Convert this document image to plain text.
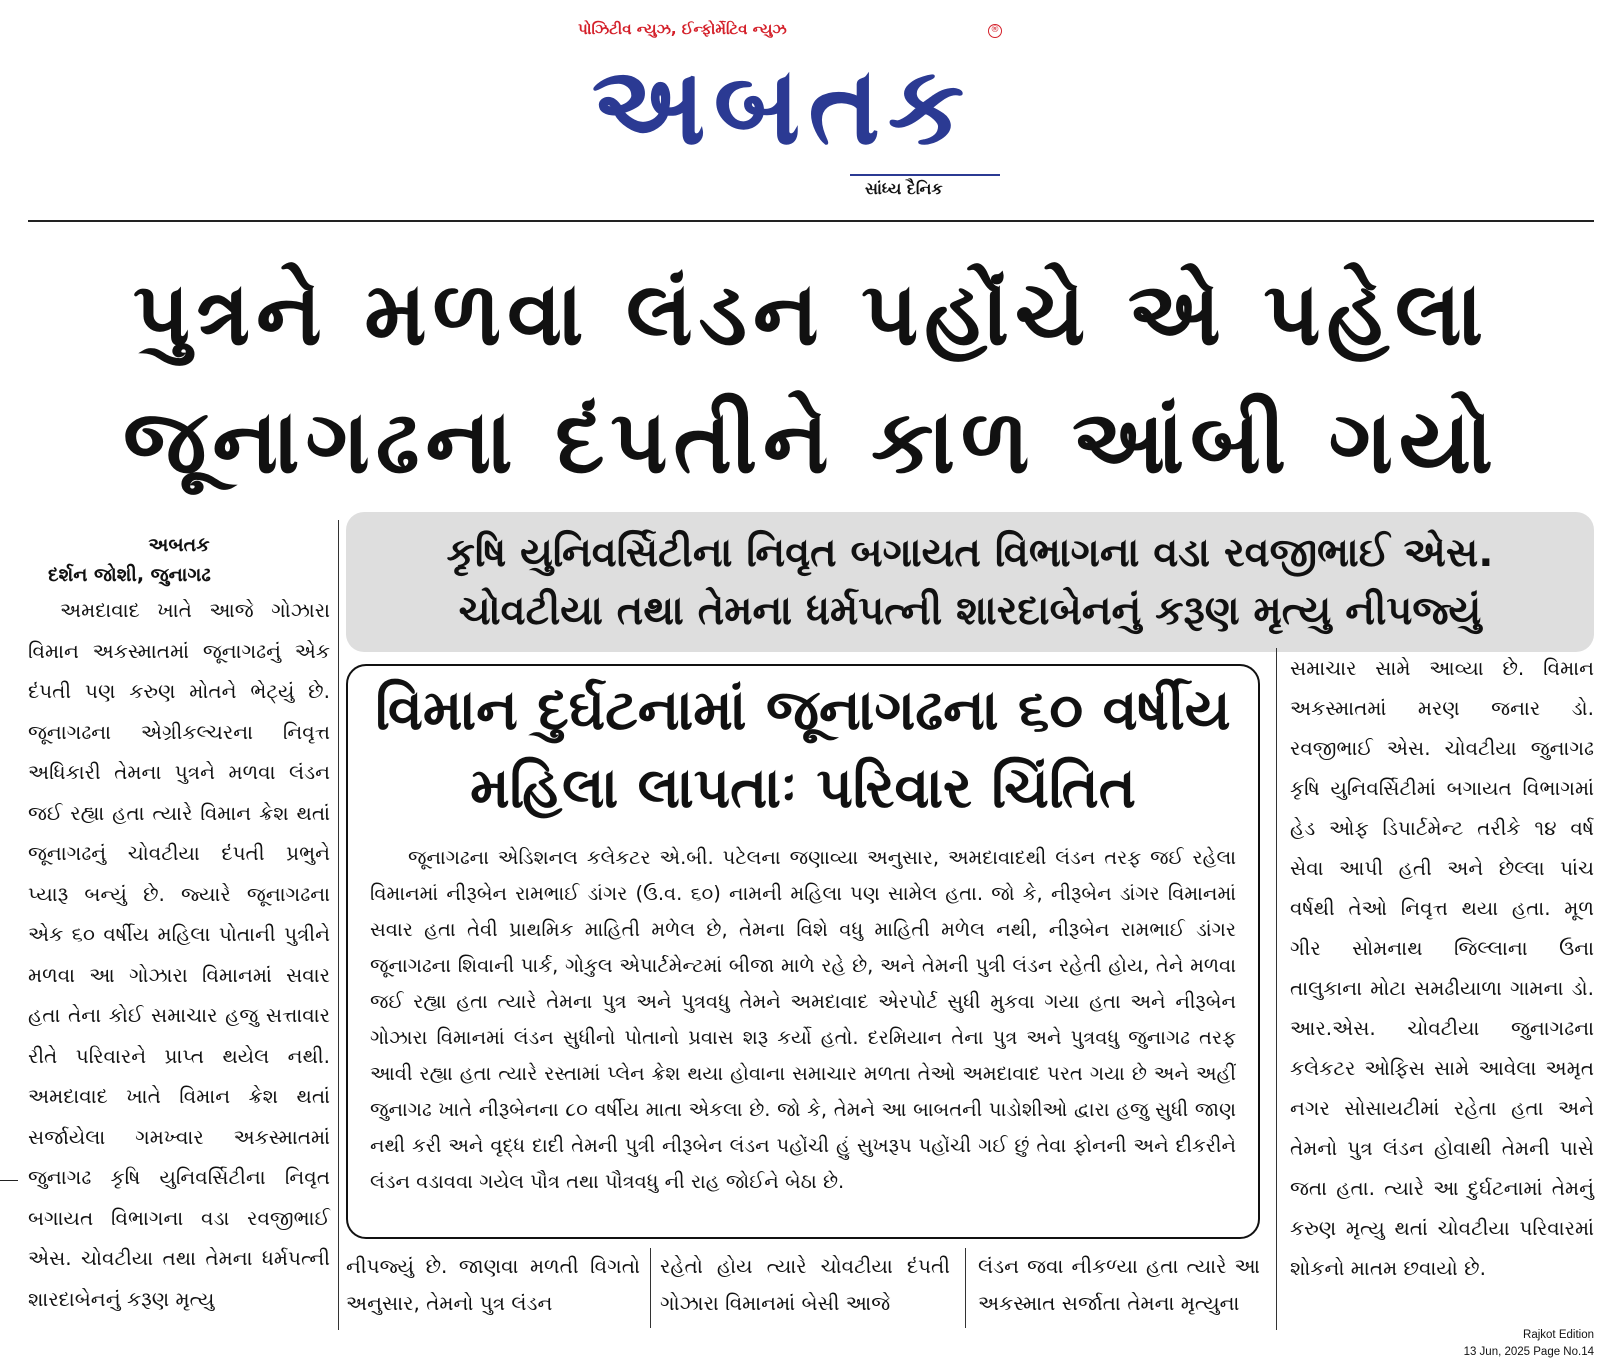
પોઝિટીવ ન્યુઝ, ઈન્ફોર્મેટિવ ન્યુઝ	®
અબતક
સાંધ્ય દૈનિક
પુત્રને મળવા લંડન પહોંચે એ પહેલા
જૂનાગઢના દંપતીને કાળ આંબી ગયો
કૃષિ યુનિવર્સિટીના નિવૃત બગાયત વિભાગના વડા રવજીભાઈ એસ.
ચોવટીયા તથા તેમના ધર્મપત્ની શારદાબેનનું કરૂણ મૃત્યુ નીપજ્યું
અબતક
દર્શન જોશી, જુનાગઢ

અમદાવાદ ખાતે આજે ગોઝારા વિમાન અકસ્માતમાં જૂનાગઢનું એક દંપતી પણ કરુણ મોતને ભેટ્યું છે. જૂનાગઢના એગ્રીકલ્ચરના નિવૃત્ત અધિકારી તેમના પુત્રને મળવા લંડન જઈ રહ્યા હતા ત્યારે વિમાન ક્રેશ થતાં જૂનાગઢનું ચોવટીયા દંપતી પ્રભુને પ્યારૂ બન્યું છે. જ્યારે જૂનાગઢના એક ૬૦ વર્ષીય મહિલા પોતાની પુત્રીને મળવા આ ગોઝારા વિમાનમાં સવાર હતા તેના કોઈ સમાચાર હજુ સત્તાવાર રીતે પરિવારને પ્રાપ્ત થયેલ નથી. અમદાવાદ ખાતે વિમાન ક્રેશ થતાં સર્જાયેલા ગમખ્વાર અકસ્માતમાં જુનાગઢ કૃષિ યુનિવર્સિટીના નિવૃત બગાયત વિભાગના વડા રવજીભાઈ એસ. ચોવટીયા તથા તેમના ધર્મપત્ની શારદાબેનનું કરૂણ મૃત્યુ

વિમાન દુર્ઘટનામાં જૂનાગઢના ૬૦ વર્ષીય
મહિલા લાપતાઃ પરિવાર ચિંતિત

જૂનાગઢના એડિશનલ કલેકટર એ.બી. પટેલના જણાવ્યા અનુસાર, અમદાવાદથી લંડન તરફ જઈ રહેલા વિમાનમાં નીરૂબેન રામભાઈ ડાંગર (ઉ.વ. ૬૦) નામની મહિલા પણ સામેલ હતા. જો કે, નીરૂબેન ડાંગર વિમાનમાં સવાર હતા તેવી પ્રાથમિક માહિતી મળેલ છે, તેમના વિશે વધુ માહિતી મળેલ નથી, નીરૂબેન રામભાઈ ડાંગર જૂનાગઢના શિવાની પાર્ક, ગોકુલ એપાર્ટમેન્ટમાં બીજા માળે રહે છે, અને તેમની પુત્રી લંડન રહેતી હોય, તેને મળવા જઈ રહ્યા હતા ત્યારે તેમના પુત્ર અને પુત્રવધુ તેમને અમદાવાદ એરપોર્ટ સુધી મુકવા ગયા હતા અને નીરૂબેન ગોઝારા વિમાનમાં લંડન સુધીનો પોતાનો પ્રવાસ શરૂ કર્યો હતો. દરમિયાન તેના પુત્ર અને પુત્રવધુ જુનાગઢ તરફ આવી રહ્યા હતા ત્યારે રસ્તામાં પ્લેન ક્રેશ થયા હોવાના સમાચાર મળતા તેઓ અમદાવાદ પરત ગયા છે અને અહીં જુનાગઢ ખાતે નીરૂબેનના ૮૦ વર્ષીય માતા એકલા છે. જો કે, તેમને આ બાબતની પાડોશીઓ દ્વારા હજુ સુધી જાણ નથી કરી અને વૃદ્ધ દાદી તેમની પુત્રી નીરૂબેન લંડન પહોંચી હું સુખરૂપ પહોંચી ગઈ છું તેવા ફોનની અને દીકરીને લંડન વડાવવા ગયેલ પૌત્ર તથા પૌત્રવધુ ની રાહ જોઈને બેઠા છે.

નીપજ્યું છે. જાણવા મળતી વિગતો અનુસાર, તેમનો પુત્ર લંડન

રહેતો હોય ત્યારે ચોવટીયા દંપતી ગોઝારા વિમાનમાં બેસી આજે

લંડન જવા નીકળ્યા હતા ત્યારે આ અકસ્માત સર્જાતા તેમના મૃત્યુના

સમાચાર સામે આવ્યા છે. વિમાન અકસ્માતમાં મરણ જનાર ડો. રવજીભાઈ એસ. ચોવટીયા જુનાગઢ કૃષિ યુનિવર્સિટીમાં બગાયત વિભાગમાં હેડ ઓફ ડિપાર્ટમેન્ટ તરીકે ૧૪ વર્ષ સેવા આપી હતી અને છેલ્લા પાંચ વર્ષથી તેઓ નિવૃત્ત થયા હતા. મૂળ ગીર સોમનાથ જિલ્લાના ઉના તાલુકાના મોટા સમઢીયાળા ગામના ડો. આર.એસ. ચોવટીયા જુનાગઢના કલેકટર ઓફિસ સામે આવેલા અમૃત નગર સોસાયટીમાં રહેતા હતા અને તેમનો પુત્ર લંડન હોવાથી તેમની પાસે જતા હતા. ત્યારે આ દુર્ઘટનામાં તેમનું કરુણ મૃત્યુ થતાં ચોવટીયા પરિવારમાં શોકનો માતમ છવાયો છે.

Rajkot Edition
13 Jun, 2025 Page No.14
